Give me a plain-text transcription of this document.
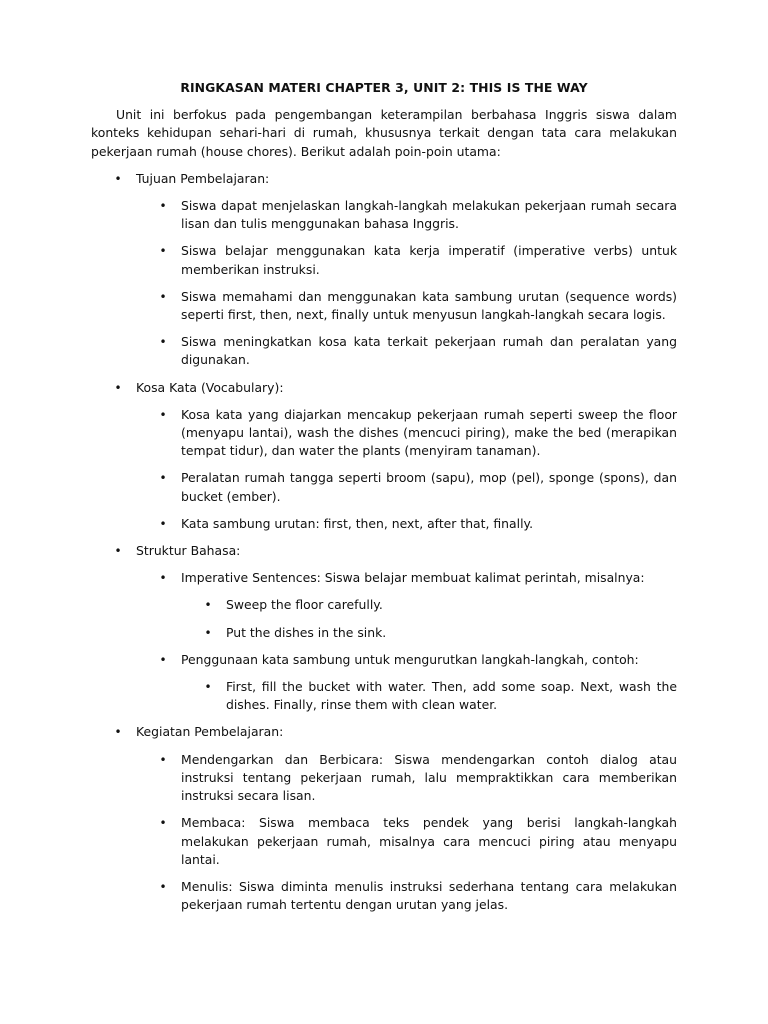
RINGKASAN MATERI CHAPTER 3, UNIT 2: THIS IS THE WAY

Unit ini berfokus pada pengembangan keterampilan berbahasa Inggris siswa dalam konteks kehidupan sehari-hari di rumah, khususnya terkait dengan tata cara melakukan pekerjaan rumah (house chores). Berikut adalah poin-poin utama:

• Tujuan Pembelajaran:
• Siswa dapat menjelaskan langkah-langkah melakukan pekerjaan rumah secara lisan dan tulis menggunakan bahasa Inggris.
• Siswa belajar menggunakan kata kerja imperatif (imperative verbs) untuk memberikan instruksi.
• Siswa memahami dan menggunakan kata sambung urutan (sequence words) seperti first, then, next, finally untuk menyusun langkah-langkah secara logis.
• Siswa meningkatkan kosa kata terkait pekerjaan rumah dan peralatan yang digunakan.
• Kosa Kata (Vocabulary):
• Kosa kata yang diajarkan mencakup pekerjaan rumah seperti sweep the floor (menyapu lantai), wash the dishes (mencuci piring), make the bed (merapikan tempat tidur), dan water the plants (menyiram tanaman).
• Peralatan rumah tangga seperti broom (sapu), mop (pel), sponge (spons), dan bucket (ember).
• Kata sambung urutan: first, then, next, after that, finally.
• Struktur Bahasa:
• Imperative Sentences: Siswa belajar membuat kalimat perintah, misalnya:
• Sweep the floor carefully.
• Put the dishes in the sink.
• Penggunaan kata sambung untuk mengurutkan langkah-langkah, contoh:
• First, fill the bucket with water. Then, add some soap. Next, wash the dishes. Finally, rinse them with clean water.
• Kegiatan Pembelajaran:
• Mendengarkan dan Berbicara: Siswa mendengarkan contoh dialog atau instruksi tentang pekerjaan rumah, lalu mempraktikkan cara memberikan instruksi secara lisan.
• Membaca: Siswa membaca teks pendek yang berisi langkah-langkah melakukan pekerjaan rumah, misalnya cara mencuci piring atau menyapu lantai.
• Menulis: Siswa diminta menulis instruksi sederhana tentang cara melakukan pekerjaan rumah tertentu dengan urutan yang jelas.
